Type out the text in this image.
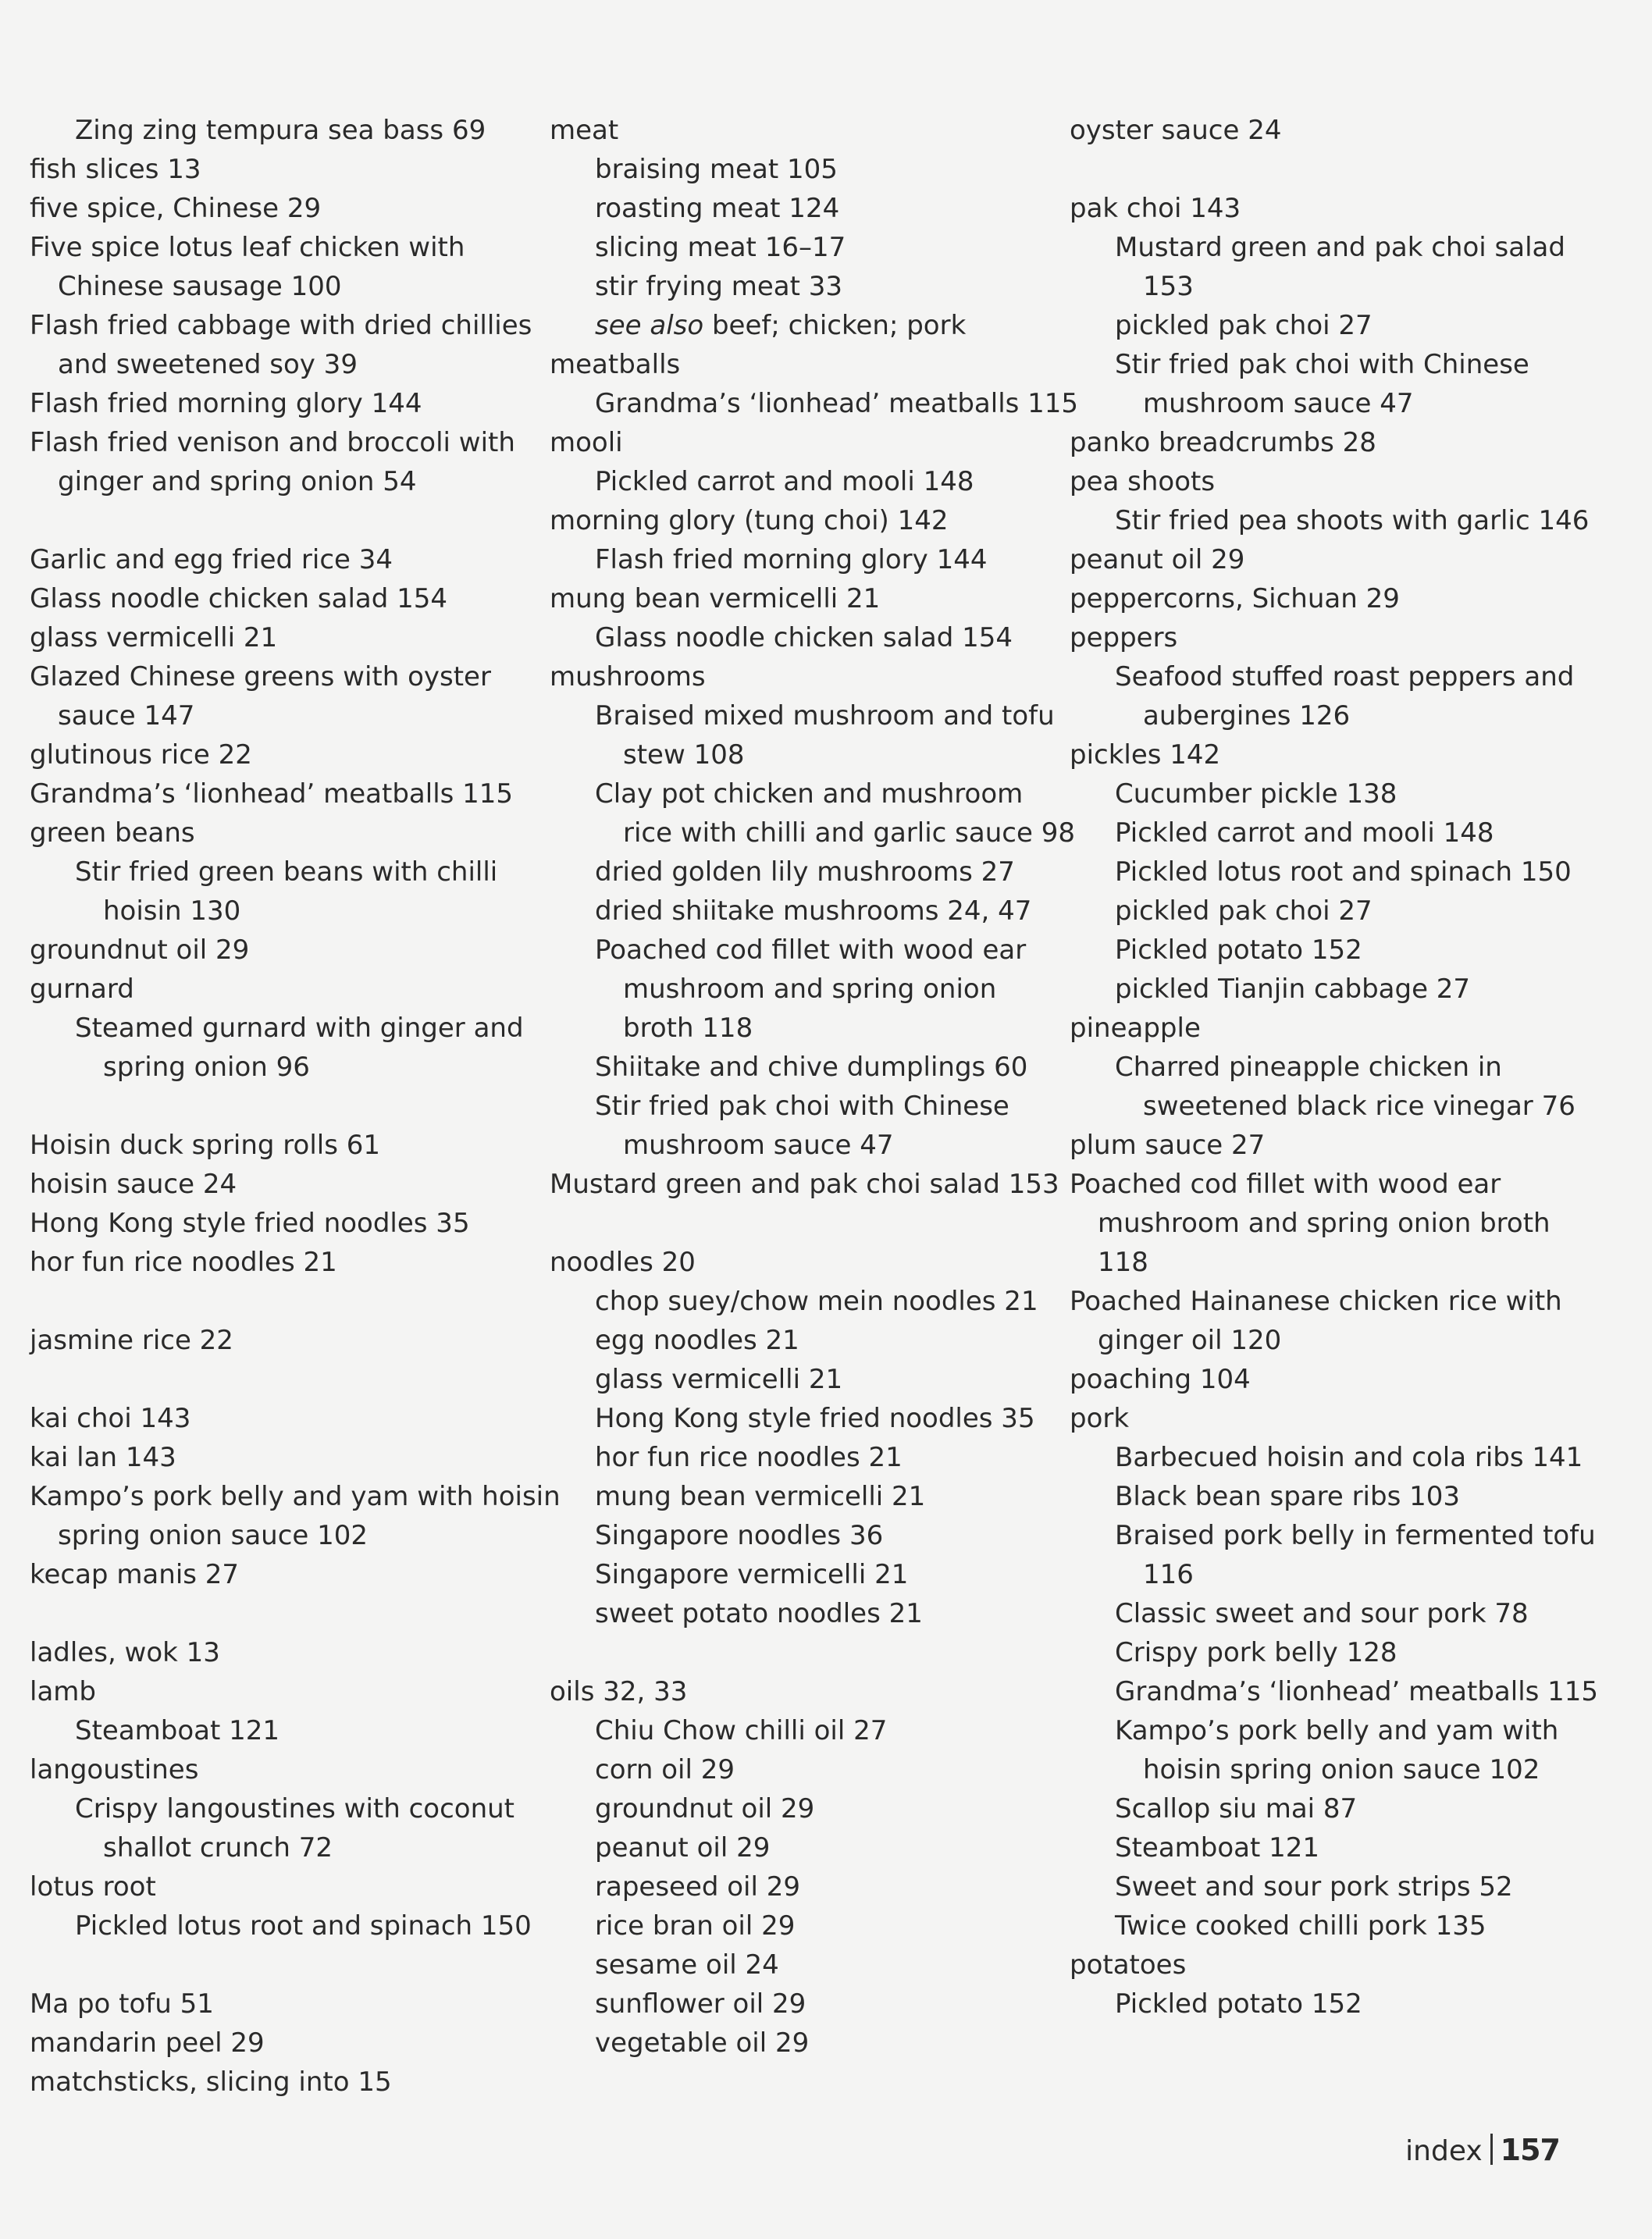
Zing zing tempura sea bass 69
fish slices 13
five spice, Chinese 29
Five spice lotus leaf chicken with
Chinese sausage 100
Flash fried cabbage with dried chillies
and sweetened soy 39
Flash fried morning glory 144
Flash fried venison and broccoli with
ginger and spring onion 54
Garlic and egg fried rice 34
Glass noodle chicken salad 154
glass vermicelli 21
Glazed Chinese greens with oyster
sauce 147
glutinous rice 22
Grandma’s ‘lionhead’ meatballs 115
green beans
Stir fried green beans with chilli
hoisin 130
groundnut oil 29
gurnard
Steamed gurnard with ginger and
spring onion 96
Hoisin duck spring rolls 61
hoisin sauce 24
Hong Kong style fried noodles 35
hor fun rice noodles 21
jasmine rice 22
kai choi 143
kai lan 143
Kampo’s pork belly and yam with hoisin
spring onion sauce 102
kecap manis 27
ladles, wok 13
lamb
Steamboat 121
langoustines
Crispy langoustines with coconut
shallot crunch 72
lotus root
Pickled lotus root and spinach 150
Ma po tofu 51
mandarin peel 29
matchsticks, slicing into 15
meat
braising meat 105
roasting meat 124
slicing meat 16–17
stir frying meat 33
see also beef; chicken; pork
meatballs
Grandma’s ‘lionhead’ meatballs 115
mooli
Pickled carrot and mooli 148
morning glory (tung choi) 142
Flash fried morning glory 144
mung bean vermicelli 21
Glass noodle chicken salad 154
mushrooms
Braised mixed mushroom and tofu
stew 108
Clay pot chicken and mushroom
rice with chilli and garlic sauce 98
dried golden lily mushrooms 27
dried shiitake mushrooms 24, 47
Poached cod fillet with wood ear
mushroom and spring onion
broth 118
Shiitake and chive dumplings 60
Stir fried pak choi with Chinese
mushroom sauce 47
Mustard green and pak choi salad 153
noodles 20
chop suey/chow mein noodles 21
egg noodles 21
glass vermicelli 21
Hong Kong style fried noodles 35
hor fun rice noodles 21
mung bean vermicelli 21
Singapore noodles 36
Singapore vermicelli 21
sweet potato noodles 21
oils 32, 33
Chiu Chow chilli oil 27
corn oil 29
groundnut oil 29
peanut oil 29
rapeseed oil 29
rice bran oil 29
sesame oil 24
sunflower oil 29
vegetable oil 29
oyster sauce 24
pak choi 143
Mustard green and pak choi salad
153
pickled pak choi 27
Stir fried pak choi with Chinese
mushroom sauce 47
panko breadcrumbs 28
pea shoots
Stir fried pea shoots with garlic 146
peanut oil 29
peppercorns, Sichuan 29
peppers
Seafood stuffed roast peppers and
aubergines 126
pickles 142
Cucumber pickle 138
Pickled carrot and mooli 148
Pickled lotus root and spinach 150
pickled pak choi 27
Pickled potato 152
pickled Tianjin cabbage 27
pineapple
Charred pineapple chicken in
sweetened black rice vinegar 76
plum sauce 27
Poached cod fillet with wood ear
mushroom and spring onion broth
118
Poached Hainanese chicken rice with
ginger oil 120
poaching 104
pork
Barbecued hoisin and cola ribs 141
Black bean spare ribs 103
Braised pork belly in fermented tofu
116
Classic sweet and sour pork 78
Crispy pork belly 128
Grandma’s ‘lionhead’ meatballs 115
Kampo’s pork belly and yam with
hoisin spring onion sauce 102
Scallop siu mai 87
Steamboat 121
Sweet and sour pork strips 52
Twice cooked chilli pork 135
potatoes
Pickled potato 152
index 157
